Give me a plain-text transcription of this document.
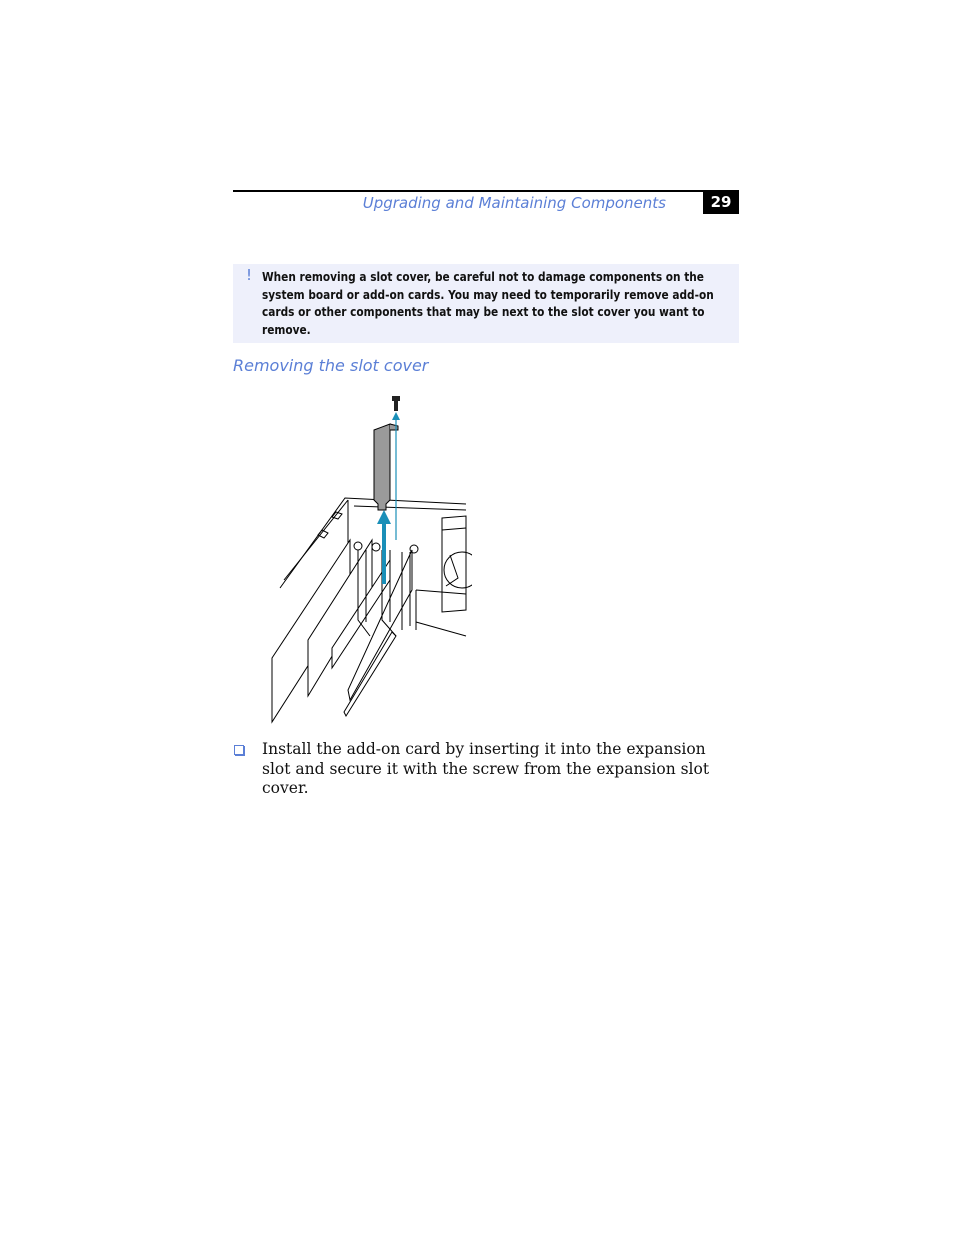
Upgrading and Maintaining Components	29
! When removing a slot cover, be careful not to damage components on the system board or add-on cards. You may need to temporarily remove add-on cards or other components that may be next to the slot cover you want to remove.
Removing the slot cover
Install the add-on card by inserting it into the expansion slot and secure it with the screw from the expansion slot cover.
